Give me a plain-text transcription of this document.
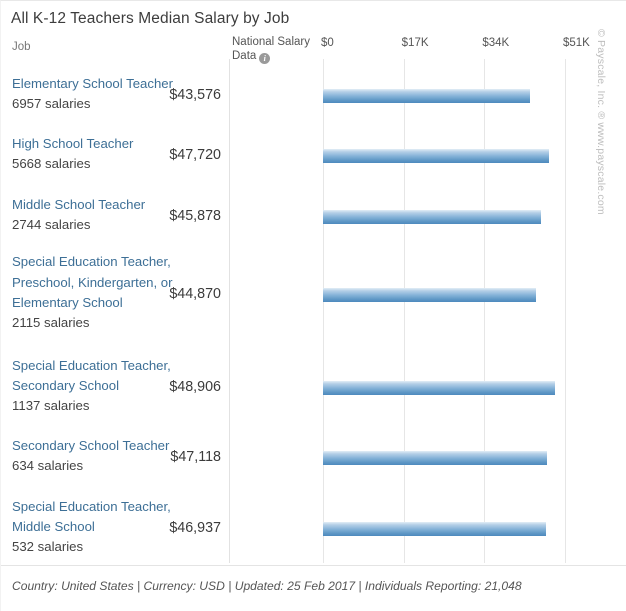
All K-12 Teachers Median Salary by Job
Job	National Salary
Data i
Elementary School Teacher
6957 salaries
$43,576
High School Teacher
5668 salaries
$47,720
Middle School Teacher
2744 salaries
$45,878
Special Education Teacher,
Preschool, Kindergarten, or
Elementary School
2115 salaries
$44,870
Special Education Teacher,
Secondary School
1137 salaries
$48,906
Secondary School Teacher
634 salaries
$47,118
Special Education Teacher,
Middle School
532 salaries
$46,937
$0	$17K	$34K	$51K
Country: United States | Currency: USD | Updated: 25 Feb 2017 | Individuals Reporting: 21,048
© Payscale, Inc. ® www.payscale.com
